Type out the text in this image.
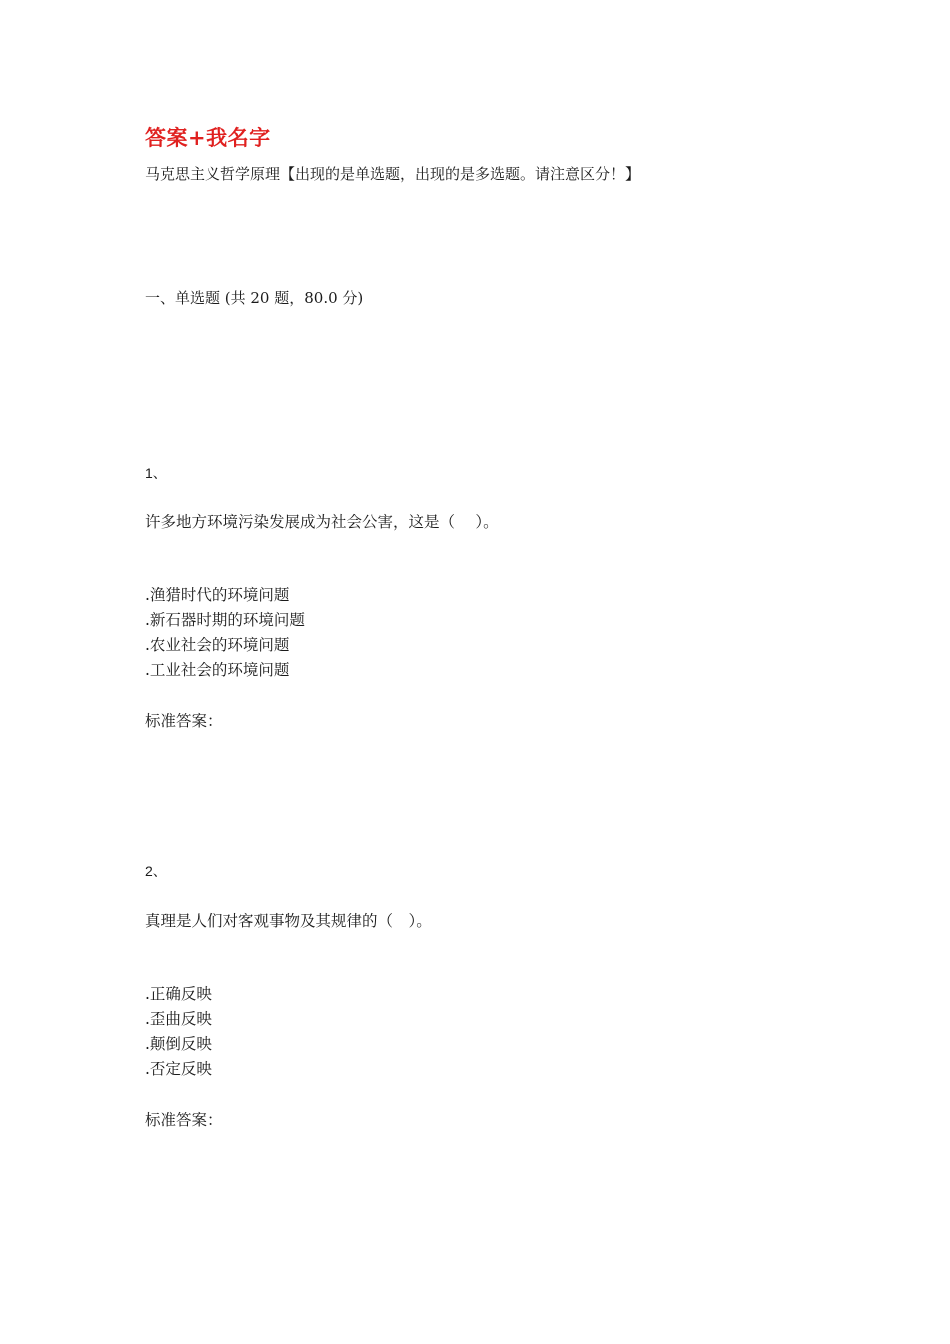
答案+我名字
马克思主义哲学原理【出现的是单选题，出现的是多选题。请注意区分！】
一、单选题 (共 20 题，80.0 分)
1、
许多地方环境污染发展成为社会公害，这是（　 ）。
.渔猎时代的环境问题
.新石器时期的环境问题
.农业社会的环境问题
.工业社会的环境问题
标准答案：
2、
真理是人们对客观事物及其规律的（　）。
.正确反映
.歪曲反映
.颠倒反映
.否定反映
标准答案：
